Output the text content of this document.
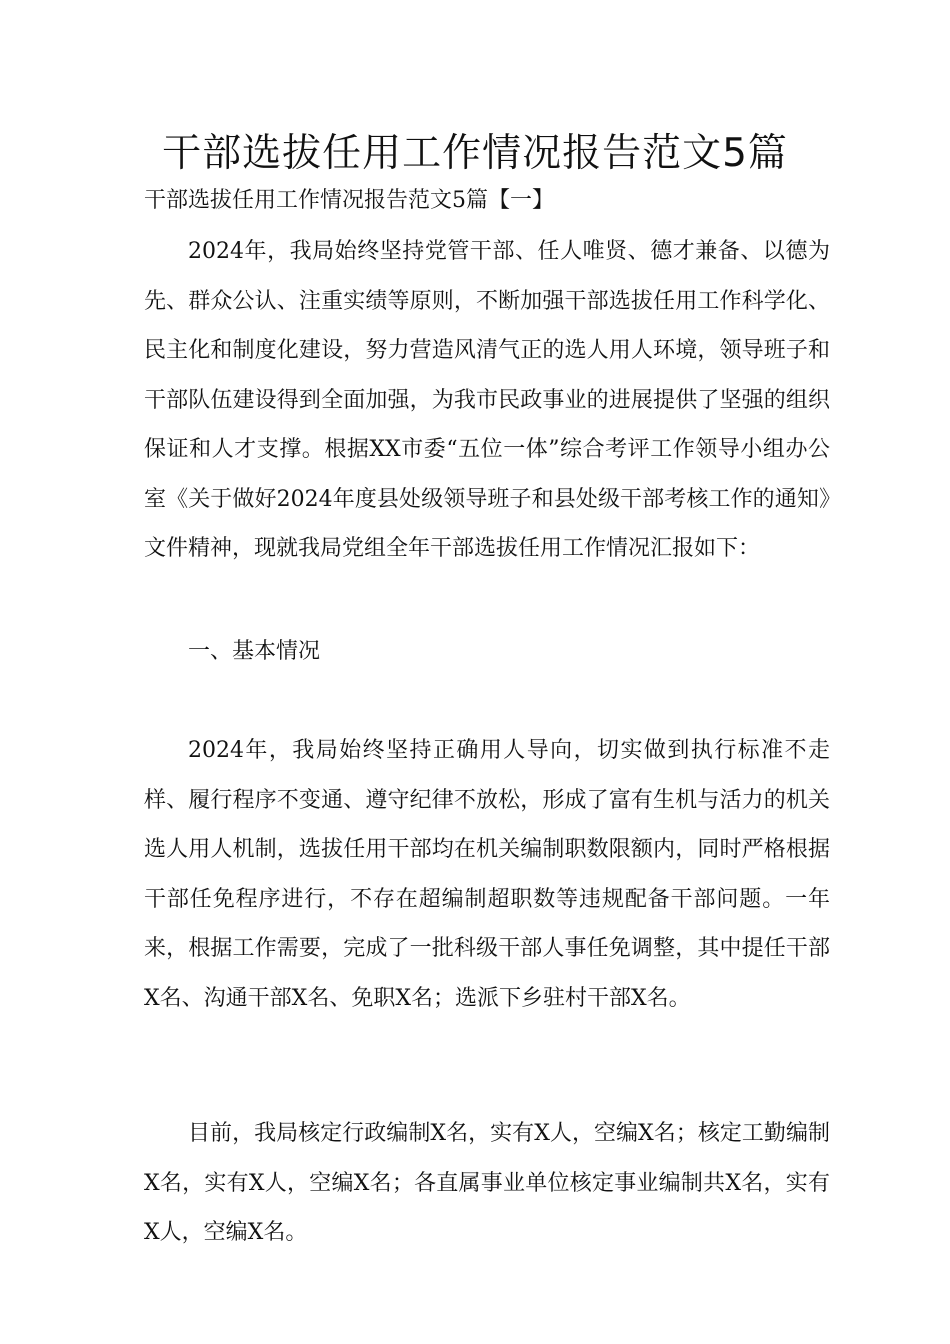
干部选拔任用工作情况报告范文5篇
干部选拔任用工作情况报告范文5篇【一】
2024年，我局始终坚持党管干部、任人唯贤、德才兼备、以德为先、群众公认、注重实绩等原则，不断加强干部选拔任用工作科学化、民主化和制度化建设，努力营造风清气正的选人用人环境，领导班子和干部队伍建设得到全面加强，为我市民政事业的进展提供了坚强的组织保证和人才支撑。根据XX市委“五位一体”综合考评工作领导小组办公室《关于做好2024年度县处级领导班子和县处级干部考核工作的通知》文件精神，现就我局党组全年干部选拔任用工作情况汇报如下：
一、基本情况
2024年，我局始终坚持正确用人导向，切实做到执行标准不走样、履行程序不变通、遵守纪律不放松，形成了富有生机与活力的机关选人用人机制，选拔任用干部均在机关编制职数限额内，同时严格根据干部任免程序进行，不存在超编制超职数等违规配备干部问题。一年来，根据工作需要，完成了一批科级干部人事任免调整，其中提任干部X名、沟通干部X名、免职X名；选派下乡驻村干部X名。
目前，我局核定行政编制X名，实有X人，空编X名；核定工勤编制X名，实有X人，空编X名；各直属事业单位核定事业编制共X名，实有X人，空编X名。
